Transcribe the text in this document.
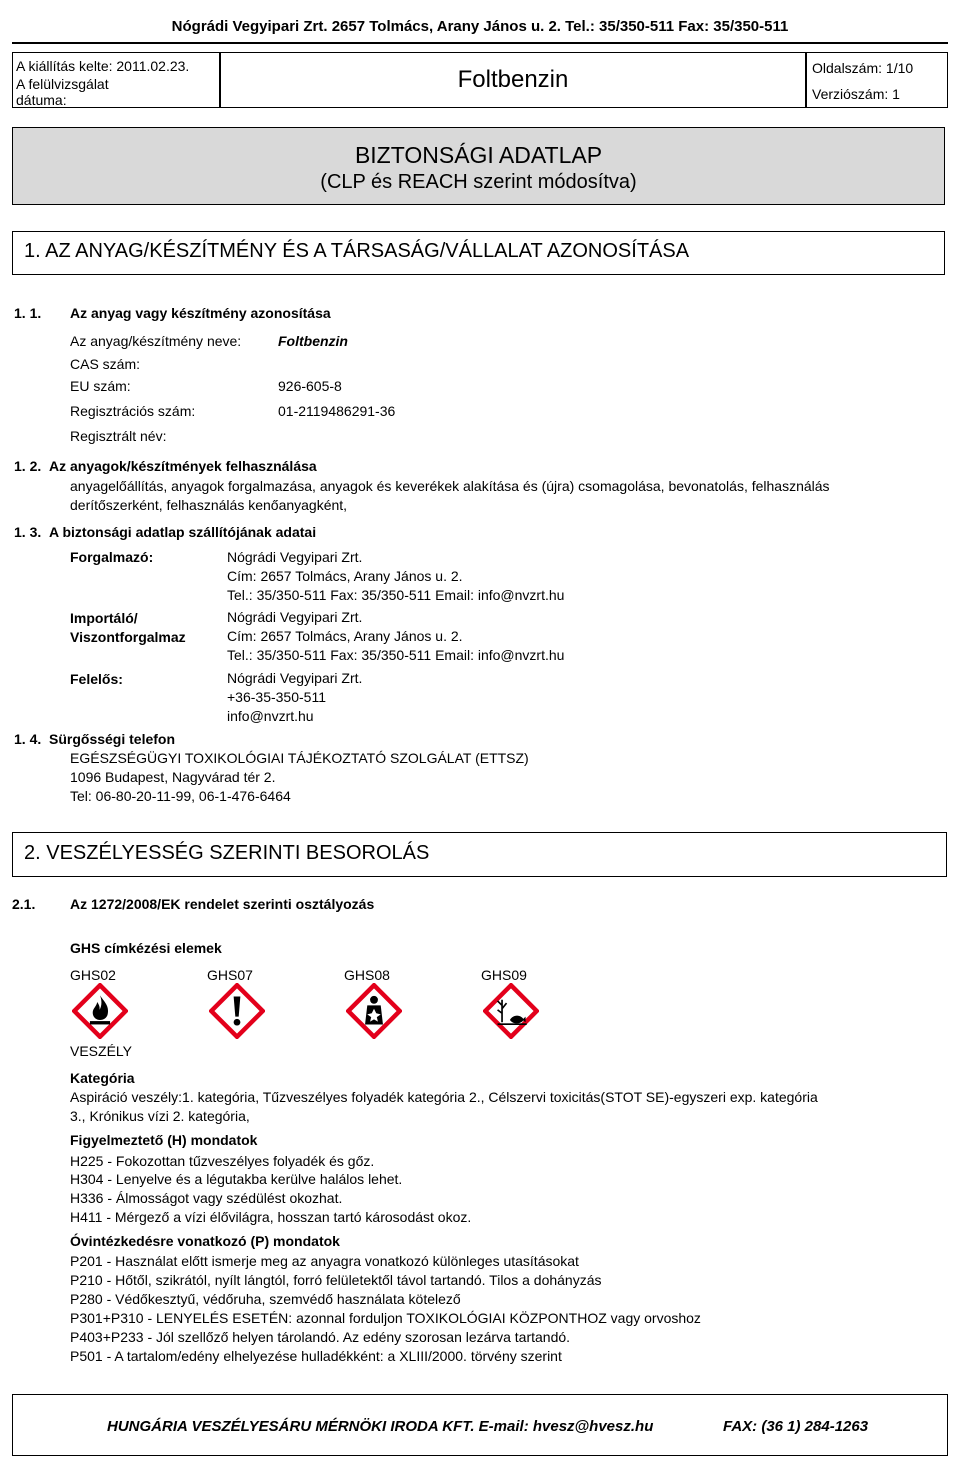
Nógrádi Vegyipari Zrt. 2657 Tolmács, Arany János u. 2. Tel.: 35/350-511 Fax: 35/350-511
A kiállítás kelte: 2011.02.23.
A felülvizsgálat
dátuma:
Foltbenzin	Oldalszám: 1/10
Verziószám: 1
BIZTONSÁGI ADATLAP
(CLP és REACH szerint módosítva)
1. AZ ANYAG/KÉSZÍTMÉNY ÉS A TÁRSASÁG/VÁLLALAT AZONOSÍTÁSA
1. 1. Az anyag vagy készítmény azonosítása
Az anyag/készítmény neve:	Foltbenzin
CAS szám:
EU szám:	926-605-8
Regisztrációs szám:	01-2119486291-36
Regisztrált név:
1. 2. Az anyagok/készítmények felhasználása
anyagelőállítás, anyagok forgalmazása, anyagok és keverékek alakítása és (újra) csomagolása, bevonatolás, felhasználás
derítőszerként, felhasználás kenőanyagként,
1. 3. A biztonsági adatlap szállítójának adatai
Forgalmazó:	Nógrádi Vegyipari Zrt.
Cím: 2657 Tolmács, Arany János u. 2.
Tel.: 35/350-511 Fax: 35/350-511 Email: info@nvzrt.hu
Importáló/
Viszontforgalmaz
Nógrádi Vegyipari Zrt.
Cím: 2657 Tolmács, Arany János u. 2.
Tel.: 35/350-511 Fax: 35/350-511 Email: info@nvzrt.hu
Felelős:	Nógrádi Vegyipari Zrt.
+36-35-350-511
info@nvzrt.hu
1. 4. Sürgősségi telefon
EGÉSZSÉGÜGYI TOXIKOLÓGIAI TÁJÉKOZTATÓ SZOLGÁLAT (ETTSZ)
1096 Budapest, Nagyvárad tér 2.
Tel: 06-80-20-11-99, 06-1-476-6464
2. VESZÉLYESSÉG SZERINTI BESOROLÁS
2.1. Az 1272/2008/EK rendelet szerinti osztályozás
GHS címkézési elemek
GHS02	GHS07	GHS08	GHS09
VESZÉLY
Kategória
Aspiráció veszély:1. kategória, Tűzveszélyes folyadék kategória 2., Célszervi toxicitás(STOT SE)-egyszeri exp. kategória
3., Krónikus vízi 2. kategória,
Figyelmeztető (H) mondatok
H225 - Fokozottan tűzveszélyes folyadék és gőz.
H304 - Lenyelve és a légutakba kerülve halálos lehet.
H336 - Álmosságot vagy szédülést okozhat.
H411 - Mérgező a vízi élővilágra, hosszan tartó károsodást okoz.
Óvintézkedésre vonatkozó (P) mondatok
P201 - Használat előtt ismerje meg az anyagra vonatkozó különleges utasításokat
P210 - Hőtől, szikrától, nyílt lángtól, forró felületektől távol tartandó. Tilos a dohányzás
P280 - Védőkesztyű, védőruha, szemvédő használata kötelező
P301+P310 - LENYELÉS ESETÉN: azonnal forduljon TOXIKOLÓGIAI KÖZPONTHOZ vagy orvoshoz
P403+P233 - Jól szellőző helyen tárolandó. Az edény szorosan lezárva tartandó.
P501 - A tartalom/edény elhelyezése hulladékként: a XLIII/2000. törvény szerint
HUNGÁRIA VESZÉLYESÁRU MÉRNÖKI IRODA KFT. E-mail: hvesz@hvesz.hu	FAX: (36 1) 284-1263
